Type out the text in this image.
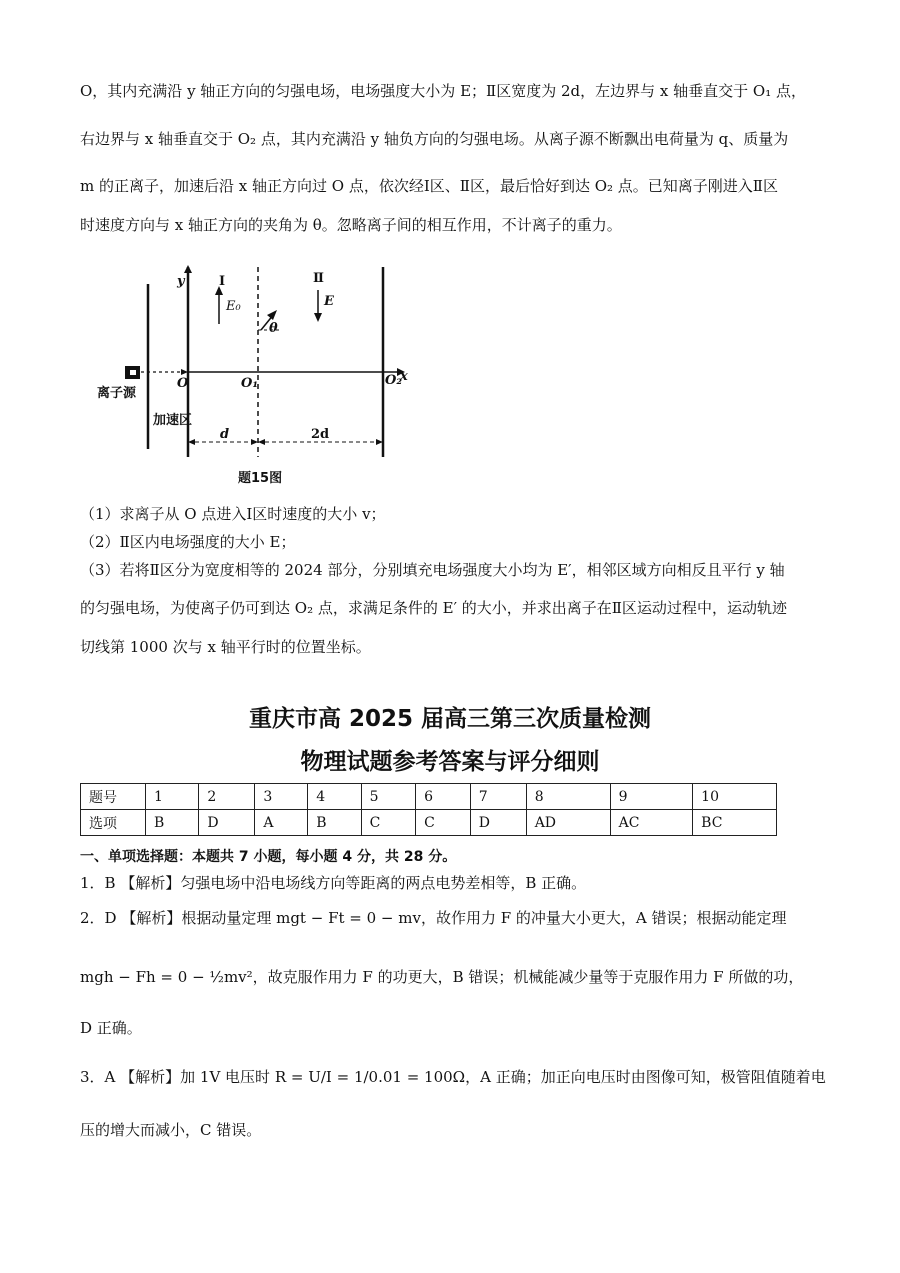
O，其内充满沿 y 轴正方向的匀强电场，电场强度大小为 E；Ⅱ区宽度为 2d，左边界与 x 轴垂直交于 O₁ 点，
右边界与 x 轴垂直交于 O₂ 点，其内充满沿 y 轴负方向的匀强电场。从离子源不断飘出电荷量为 q、质量为
m 的正离子，加速后沿 x 轴正方向过 O 点，依次经Ⅰ区、Ⅱ区，最后恰好到达 O₂ 点。已知离子刚进入Ⅱ区
时速度方向与 x 轴正方向的夹角为 θ。忽略离子间的相互作用，不计离子的重力。
Ⅰ	Ⅱ
E₀	E
θ
y
O	O₁	O₂
x
离子源
加速区
d	2d
题15图
（1）求离子从 O 点进入Ⅰ区时速度的大小 v；
（2）Ⅱ区内电场强度的大小 E；
（3）若将Ⅱ区分为宽度相等的 2024 部分，分别填充电场强度大小均为 E′，相邻区域方向相反且平行 y 轴
的匀强电场，为使离子仍可到达 O₂ 点，求满足条件的 E′ 的大小，并求出离子在Ⅱ区运动过程中，运动轨迹
切线第 1000 次与 x 轴平行时的位置坐标。
重庆市高 2025 届高三第三次质量检测
物理试题参考答案与评分细则
题号	1	2	3	4	5	6	7	8	9	10
选项	B	D	A	B	C	C	D	AD	AC	BC
一、单项选择题：本题共 7 小题，每小题 4 分，共 28 分。
1．B 【解析】匀强电场中沿电场线方向等距离的两点电势差相等，B 正确。
2．D 【解析】根据动量定理 mgt − Ft = 0 − mv，故作用力 F 的冲量大小更大，A 错误；根据动能定理
mgh − Fh = 0 − ½mv²，故克服作用力 F 的功更大，B 错误；机械能减少量等于克服作用力 F 所做的功，
D 正确。
3．A 【解析】加 1V 电压时 R = U/I = 1/0.01 = 100Ω，A 正确；加正向电压时由图像可知，极管阻值随着电
压的增大而减小，C 错误。
